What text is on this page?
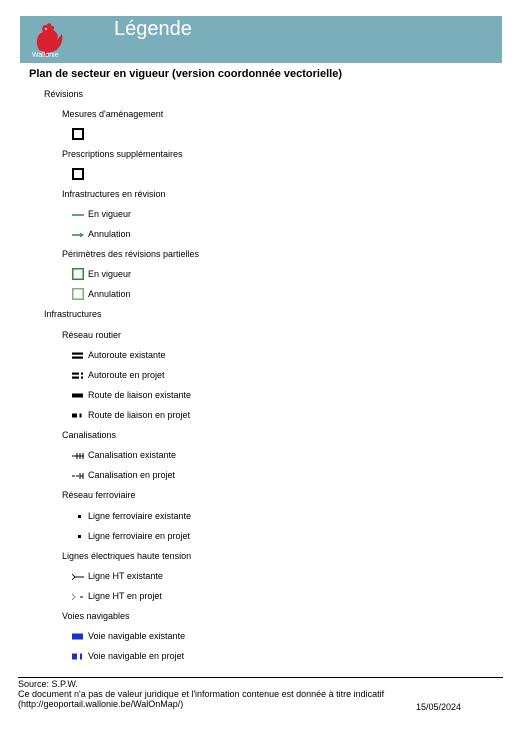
Wallonie
Légende
Plan de secteur en vigueur (version coordonnée vectorielle)
Révisions
Mesures d'aménagement
Prescriptions supplémentaires
Infrastructures en révision
En vigueur
Annulation
Périmètres des révisions partielles
En vigueur
Annulation
Infrastructures
Réseau routier
Autoroute existante
Autoroute en projet
Route de liaison existante
Route de liaison en projet
Canalisations
Canalisation existante
Canalisation en projet
Réseau ferroviaire
Ligne ferroviaire existante
Ligne ferroviaire en projet
Lignes électriques haute tension
Ligne HT existante
Ligne HT en projet
Voies navigables
Voie navigable existante
Voie navigable en projet
Source: S.P.W.
Ce document n'a pas de valeur juridique et l'information contenue est donnée à titre indicatif
(http://geoportail.wallonie.be/WalOnMap/)	15/05/2024
